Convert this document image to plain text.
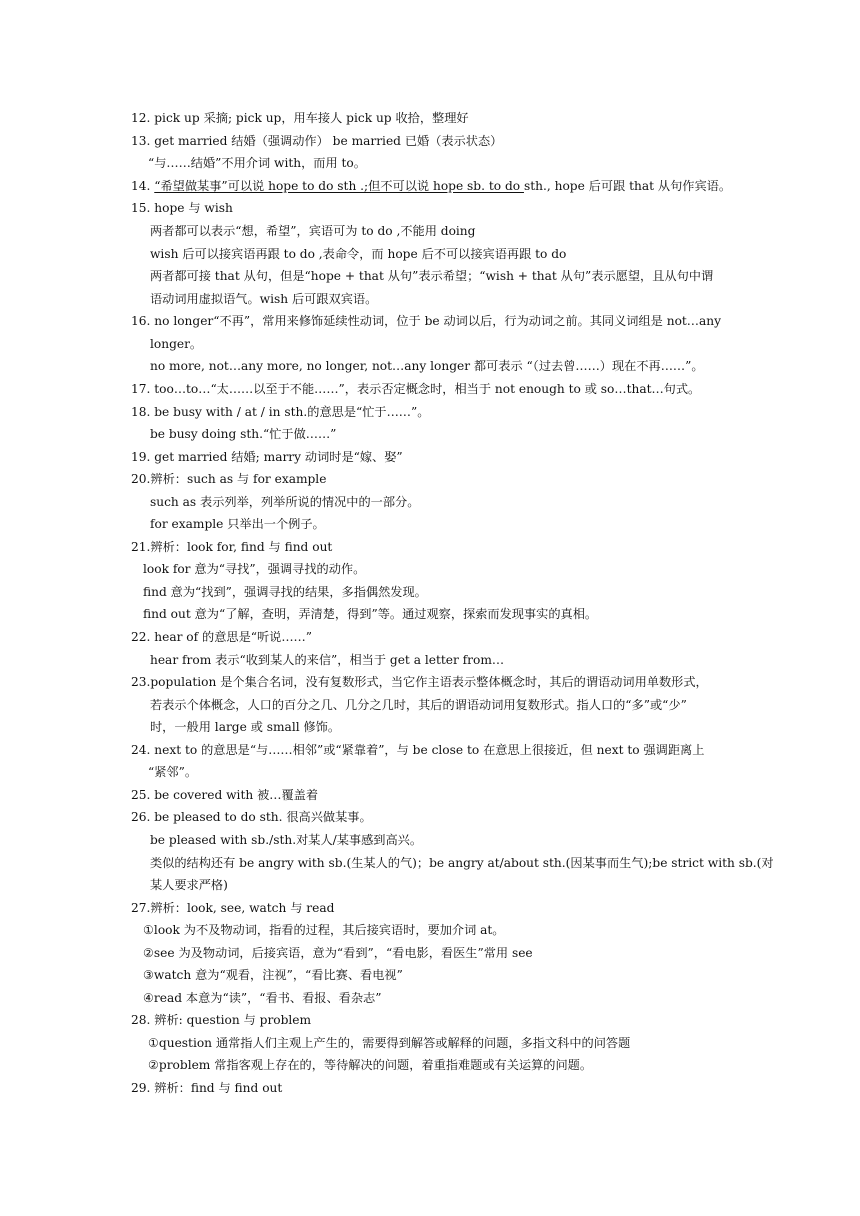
12. pick up 采摘; pick up，用车接人 pick up 收拾，整理好
13. get married 结婚（强调动作） be married 已婚（表示状态）
“与……结婚”不用介词 with，而用 to。
14. “希望做某事”可以说 hope to do sth .;但不可以说 hope sb. to do sth., hope 后可跟 that 从句作宾语。
15. hope 与 wish
两者都可以表示“想，希望”，宾语可为 to do ,不能用 doing
wish 后可以接宾语再跟 to do ,表命令，而 hope 后不可以接宾语再跟 to do
两者都可接 that 从句，但是“hope + that 从句”表示希望；“wish + that 从句”表示愿望，且从句中谓
语动词用虚拟语气。wish 后可跟双宾语。
16. no longer“不再”，常用来修饰延续性动词，位于 be 动词以后，行为动词之前。其同义词组是 not…any
longer。
no more, not…any more, no longer, not…any longer 都可表示 “（过去曾……）现在不再……”。
17. too…to…“太……以至于不能……”，表示否定概念时，相当于 not enough to 或 so…that…句式。
18. be busy with / at / in sth.的意思是“忙于……”。
be busy doing sth.“忙于做……”
19. get married 结婚; marry 动词时是“嫁、娶”
20.辨析：such as 与 for example
such as 表示列举，列举所说的情况中的一部分。
for example 只举出一个例子。
21.辨析：look for, find 与 find out
look for 意为“寻找”，强调寻找的动作。
find 意为“找到”，强调寻找的结果，多指偶然发现。
find out 意为“了解，查明，弄清楚，得到”等。通过观察，探索而发现事实的真相。
22. hear of 的意思是“听说……”
hear from 表示“收到某人的来信”，相当于 get a letter from…
23.population 是个集合名词，没有复数形式，当它作主语表示整体概念时，其后的谓语动词用单数形式，
若表示个体概念，人口的百分之几、几分之几时，其后的谓语动词用复数形式。指人口的“多”或“少”
时，一般用 large 或 small 修饰。
24. next to 的意思是“与……相邻”或“紧靠着”，与 be close to 在意思上很接近，但 next to 强调距离上
“紧邻”。
25. be covered with 被…覆盖着
26. be pleased to do sth. 很高兴做某事。
be pleased with sb./sth.对某人/某事感到高兴。
类似的结构还有 be angry with sb.(生某人的气)；be angry at/about sth.(因某事而生气);be strict with sb.(对
某人要求严格)
27.辨析：look, see, watch 与 read
①look 为不及物动词，指看的过程，其后接宾语时，要加介词 at。
②see 为及物动词，后接宾语，意为“看到”，“看电影，看医生”常用 see
③watch 意为“观看，注视”，“看比赛、看电视”
④read 本意为“读”，“看书、看报、看杂志”
28. 辨析: question 与 problem
①question 通常指人们主观上产生的，需要得到解答或解释的问题，多指文科中的问答题
②problem 常指客观上存在的，等待解决的问题，着重指难题或有关运算的问题。
29. 辨析：find 与 find out
